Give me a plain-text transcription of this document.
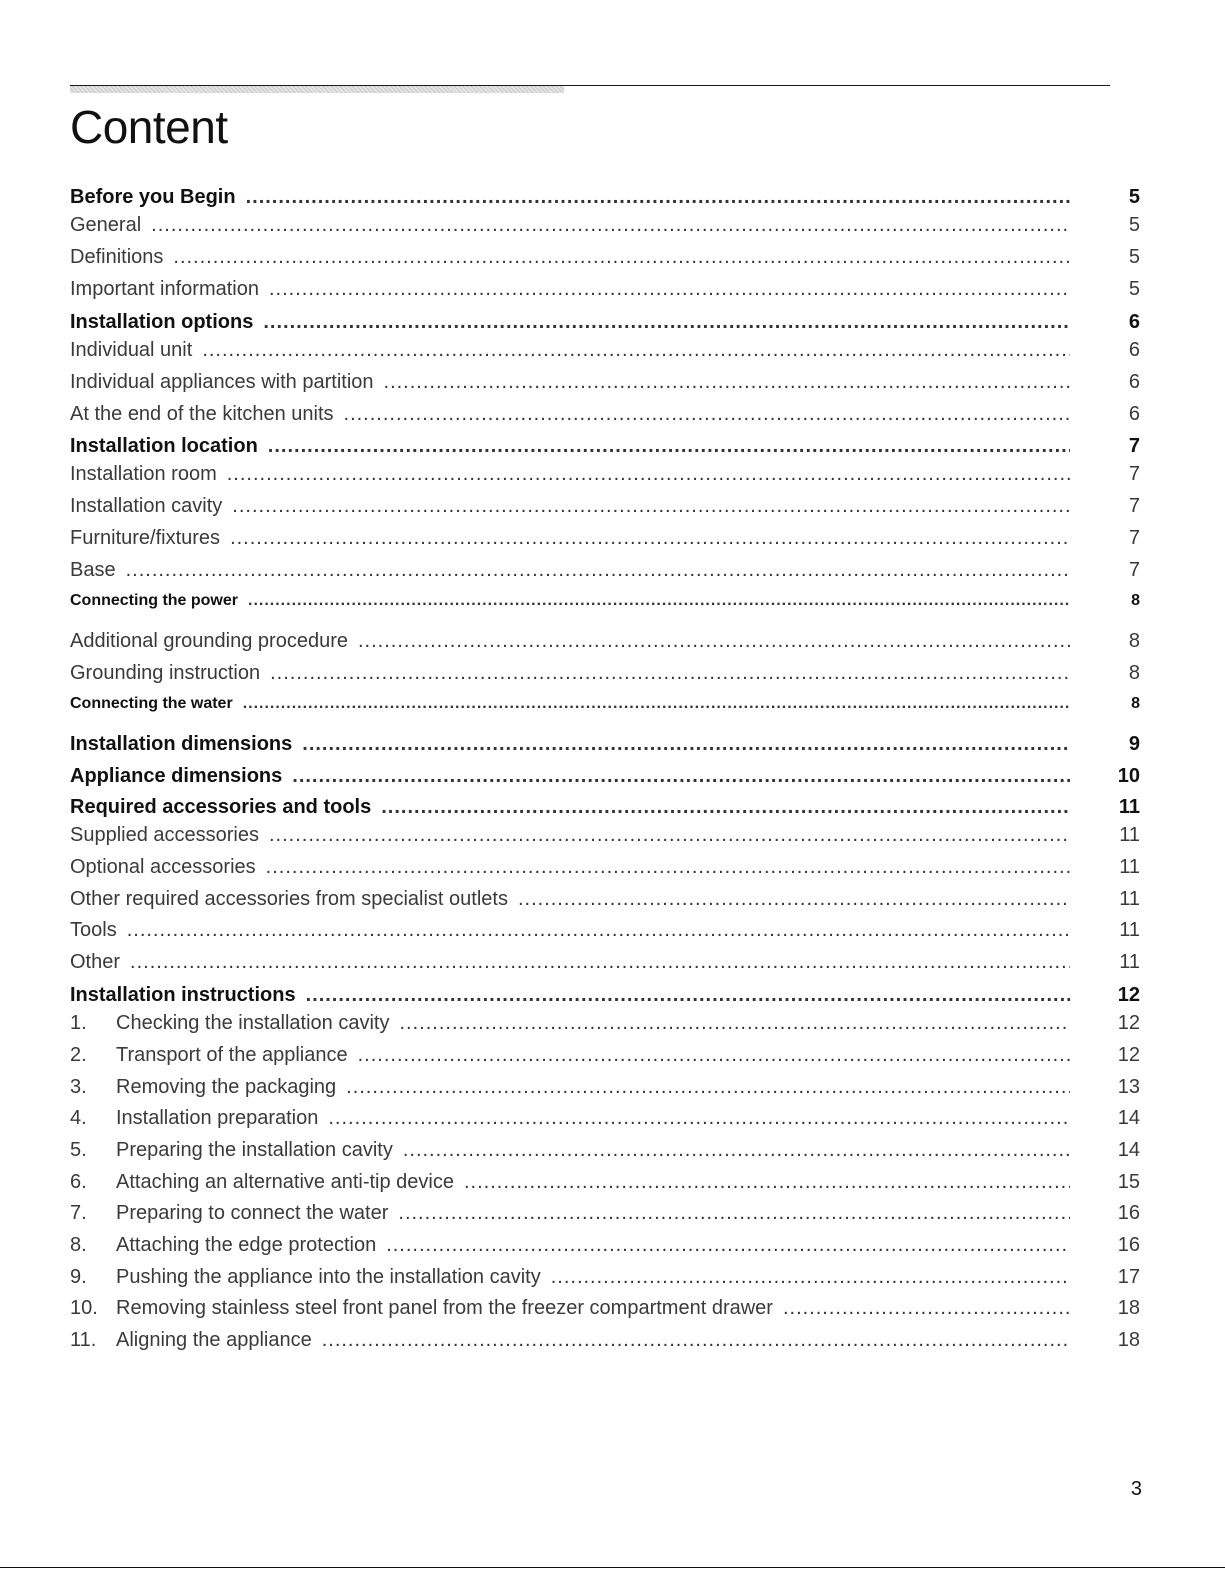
Content
Before you Begin .....	5
General .....	5
Definitions .....	5
Important information .....	5
Installation options .....	6
Individual unit .....	6
Individual appliances with partition .....	6
At the end of the kitchen units .....	6
Installation location .....	7
Installation room .....	7
Installation cavity .....	7
Furniture/fixtures .....	7
Base .....	7
Connecting the power .....	8
Additional grounding procedure .....	8
Grounding instruction .....	8
Connecting the water .....	8
Installation dimensions .....	9
Appliance dimensions .....	10
Required accessories and tools .....	11
Supplied accessories .....	11
Optional accessories .....	11
Other required accessories from specialist outlets .....	11
Tools .....	11
Other .....	11
Installation instructions .....	12
1.	Checking the installation cavity .....	12
2.	Transport of the appliance .....	12
3.	Removing the packaging .....	13
4.	Installation preparation .....	14
5.	Preparing the installation cavity .....	14
6.	Attaching an alternative anti-tip device .....	15
7.	Preparing to connect the water .....	16
8.	Attaching the edge protection .....	16
9.	Pushing the appliance into the installation cavity .....	17
10. Removing stainless steel front panel from the freezer compartment drawer .....	18
11. Aligning the appliance .....	18
3
